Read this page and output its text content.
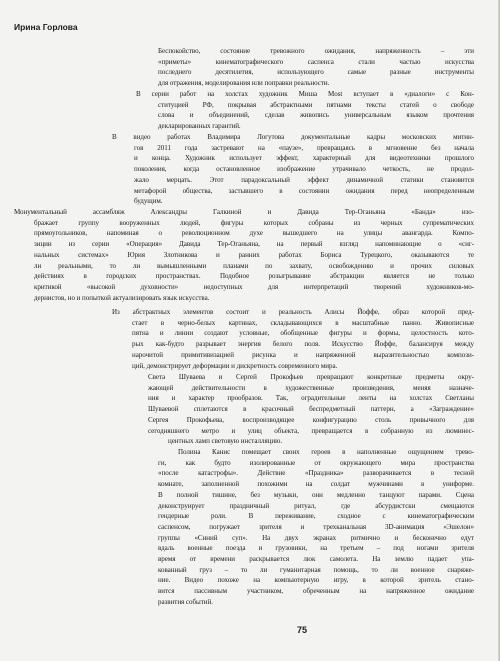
Ирина Горлова

Беспокойство, состояние тревожного ожидания, напряженность – эти
«приметы» кинематографического саспенса стали частью искусства
последнего десятилетия, использующего самые разные инструменты
для отражения, моделирования или поправки реальности.
В серии работ на холстах художник Миша Most вступает в «диалоги» с Кон-
ституцией РФ, покрывая абстрактными пятнами тексты статей о свободе
слова и объединений, сделав живопись универсальным языком прочтения
декларированных гарантий.
В видео работах Владимира Логутова документальные кадры московских митин-
гов 2011 года застревают на «паузе», превращаясь в мгновение без начала
и конца. Художник использует эффект, характерный для видеотехники прошлого
поколения, когда остановленное изображение утрачивало четкость, не продол-
жало мерцать. Этот парадоксальный эффект динамичной статики становится
метафорой общества, застывшего в состоянии ожидания перед неопределенным
будущим.
Монументальный ассамбляж Александры Галкиной и Давида Тер-Оганьяна «Банда» изо-
бражает группу вооруженных людей, фигуры которых собраны из черных супрематических
прямоугольников, напоминая о революционном духе вышедшего на улицы авангарда. Компо-
зиции из серии «Операция» Давида Тер-Оганьяна, на первый взгляд напоминающие о «сиг-
нальных системах» Юрия Злотникова и ранних работах Бориса Турецкого, оказываются те
ли реальными, то ли вымышленными планами по захвату, освобождению и прочих силовых
действиях в городских пространствах. Подобное розыгрывание абстракции является не только
критикой «высокой духовности» недоступных для интерпретаций творений художников-мо-
дернистов, но и попыткой актуализировать язык искусства.
Из абстрактных элементов состоит и реальность Алисы Йоффе, образ которой пред-
стает в черно-белых картинах, складывающихся в масштабные панно. Живописные
пятна и линии создают условные, обобщенные фигуры и формы, целостность кото-
рых как-будто разрывает энергия белого поля. Искусство Йоффе, балансируя между
нарочитой примитивизацией рисунка и напряженной выразительностью компози-
ций, демонстрирует деформации и дискретность современного мира.
Света Шуваева и Сергей Прокофьев превращают конкретные предметы окру-
жающей действительности в художественные произведения, меняя назначе-
ния и характер прообразов. Так, оградительные ленты на холстах Светланы
Шуваевой сплетаются в красочный беспредметный паттерн, а «Заграждение»
Сергея Прокофьева, воспроизводящее конфигурацию столь привычного для
сегодняшнего метро и улиц объекта, превращается в собранную из люминес-
центных ламп световую инсталляцию.
Полина Канис помещает своих героев в наполненные ощущением трево-
ги, как будто изолированные от окружающего мира пространства
«после катастрофы». Действие «Праздника» разворачивается в тесной
комнате, заполненной похожими на солдат мужчинами в униформе.
В полной тишине, без музыки, они медленно танцуют парами. Сцена
деконструирует праздничный ритуал, где абсурдистски смещаются
гендерные роли. В переживание, сходное с кинематографическим
саспенсом, погружает зрителя и трехканальная 3D-анимация «Эшелон»
группы «Синий суп». На двух экранах ритмично и бесконечно едут
вдаль военные поезда и грузовики, на третьем – под ногами зрителя
время от времени раскрывается люк самолета. На землю падает упа-
кованный груз – то ли гуманитарная помощь, то ли военное снаряже-
ние. Видео похоже на компьютерную игру, в которой зритель стано-
вится пассивным участником, обреченным на напряженное ожидание
развития событий.

75
